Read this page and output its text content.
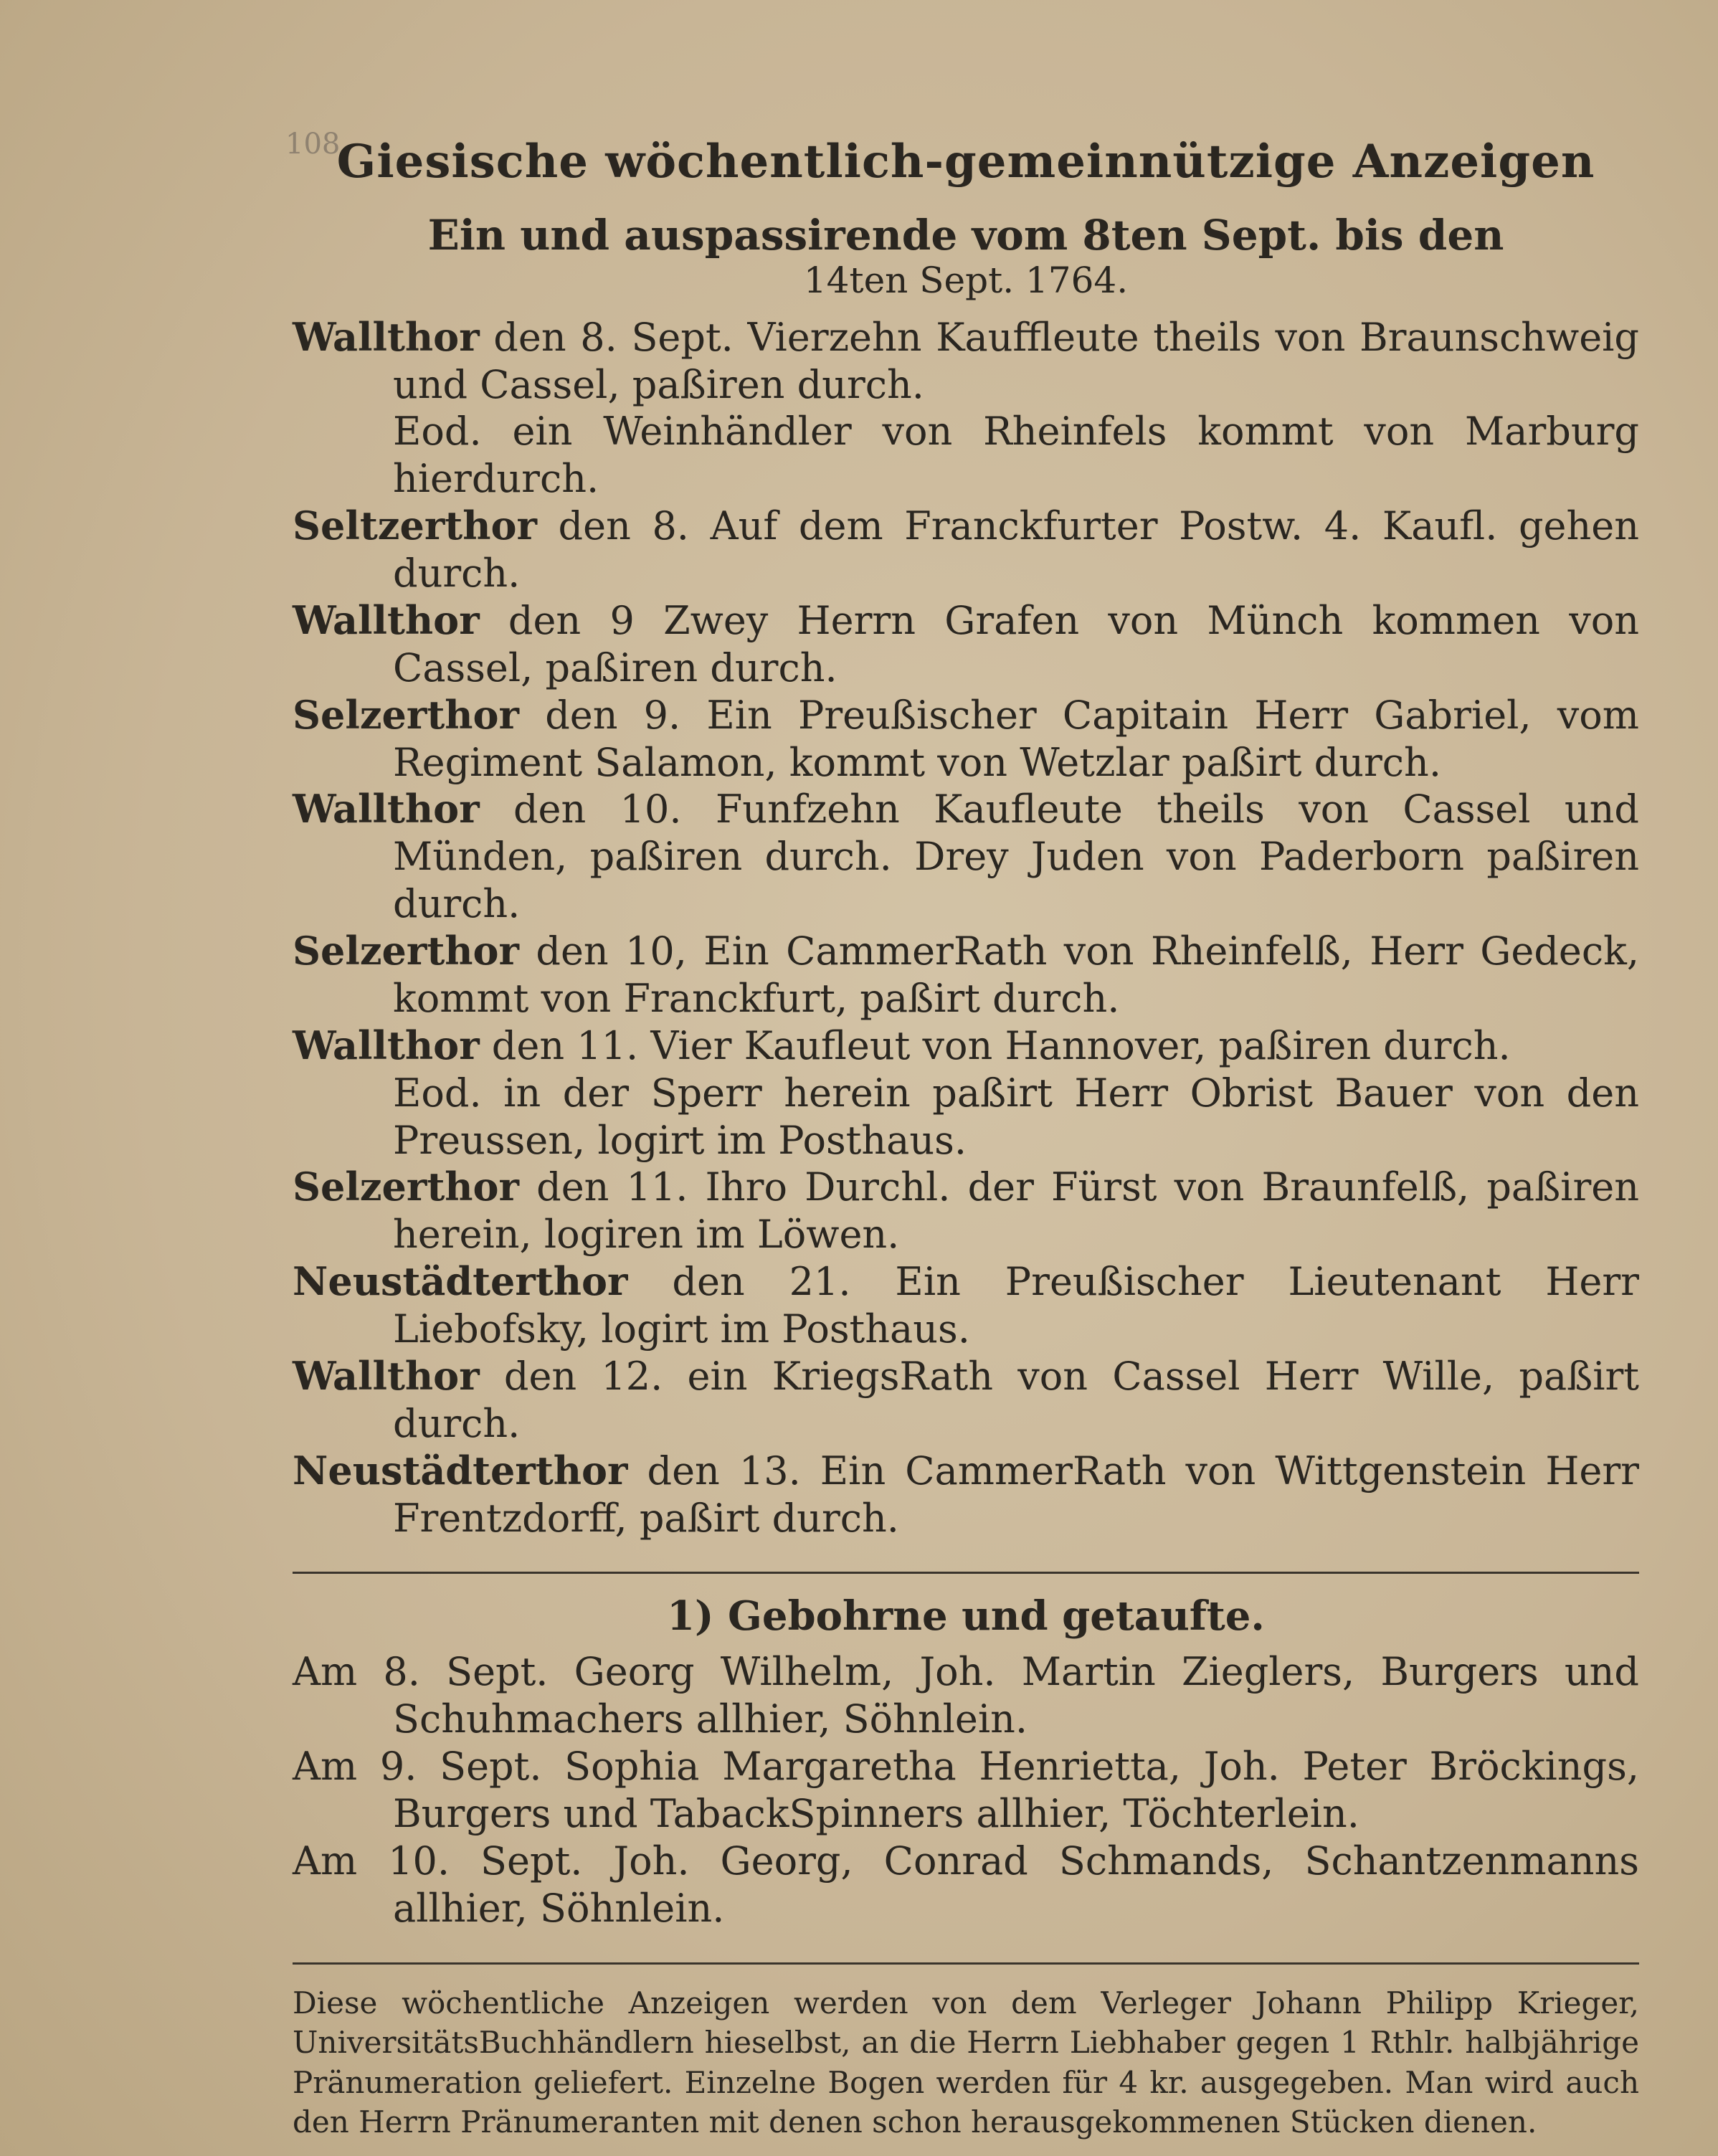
108
Giesische wöchentlich-gemeinnützige Anzeigen
Ein und auspassirende vom 8ten Sept. bis den
14ten Sept. 1764.

Wallthor den 8. Sept. Vierzehn Kauffleute theils von Braunschweig und Cassel, paßiren durch.

Eod. ein Weinhändler von Rheinfels kommt von Marburg hierdurch.

Seltzerthor den 8. Auf dem Franckfurter Postw. 4. Kaufl. gehen durch.

Wallthor den 9 Zwey Herrn Grafen von Münch kommen von Cassel, paßiren durch.

Selzerthor den 9. Ein Preußischer Capitain Herr Gabriel, vom Regiment Salamon, kommt von Wetzlar paßirt durch.

Wallthor den 10. Funfzehn Kaufleute theils von Cassel und Münden, paßiren durch. Drey Juden von Paderborn paßiren durch.

Selzerthor den 10, Ein CammerRath von Rheinfelß, Herr Gedeck, kommt von Franckfurt, paßirt durch.

Wallthor den 11. Vier Kaufleut von Hannover, paßiren durch.

Eod. in der Sperr herein paßirt Herr Obrist Bauer von den Preussen, logirt im Posthaus.

Selzerthor den 11. Ihro Durchl. der Fürst von Braunfelß, paßiren herein, logiren im Löwen.

Neustädterthor den 21. Ein Preußischer Lieutenant Herr Liebofsky, logirt im Posthaus.

Wallthor den 12. ein KriegsRath von Cassel Herr Wille, paßirt durch.

Neustädterthor den 13. Ein CammerRath von Wittgenstein Herr Frentzdorff, paßirt durch.

1) Gebohrne und getaufte.

Am 8. Sept. Georg Wilhelm, Joh. Martin Zieglers, Burgers und Schuhmachers allhier, Söhnlein.

Am 9. Sept. Sophia Margaretha Henrietta, Joh. Peter Bröckings, Burgers und TabackSpinners allhier, Töchterlein.

Am 10. Sept. Joh. Georg, Conrad Schmands, Schantzenmanns allhier, Söhnlein.

Diese wöchentliche Anzeigen werden von dem Verleger Johann Philipp Krieger, UniversitätsBuchhändlern hieselbst, an die Herrn Liebhaber gegen 1 Rthlr. halbjährige Pränumeration geliefert. Einzelne Bogen werden für 4 kr. ausgegeben. Man wird auch den Herrn Pränumeranten mit denen schon herausgekommenen Stücken dienen.
